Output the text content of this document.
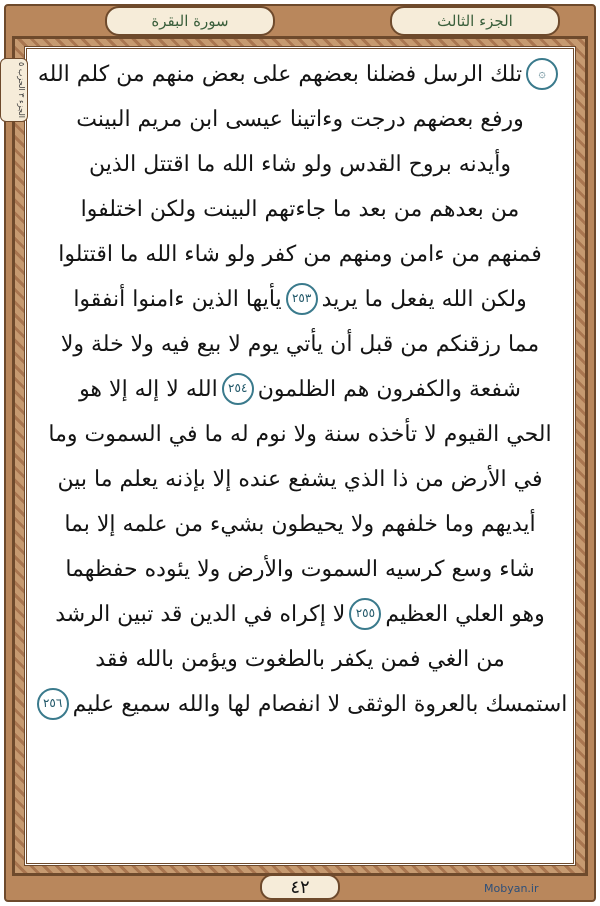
سورة البقرة	الجزء الثالث
الجزء ٣ الحزب ٥
۞
تلك الرسل فضلنا بعضهم على بعض منهم من كلم الله
ورفع بعضهم درجت وءاتينا عيسى ابن مريم البينت
وأيدنه بروح القدس ولو شاء الله ما اقتتل الذين
من بعدهم من بعد ما جاءتهم البينت ولكن اختلفوا
فمنهم من ءامن ومنهم من كفر ولو شاء الله ما اقتتلوا
ولكن الله يفعل ما يريد
٢٥٣
يأيها الذين ءامنوا أنفقوا
مما رزقنكم من قبل أن يأتي يوم لا بيع فيه ولا خلة ولا
شفعة والكفرون هم الظلمون
٢٥٤
الله لا إله إلا هو
الحي القيوم لا تأخذه سنة ولا نوم له ما في السموت وما
في الأرض من ذا الذي يشفع عنده إلا بإذنه يعلم ما بين
أيديهم وما خلفهم ولا يحيطون بشيء من علمه إلا بما
شاء وسع كرسيه السموت والأرض ولا يئوده حفظهما
وهو العلي العظيم
٢٥٥
لا إكراه في الدين قد تبين الرشد
من الغي فمن يكفر بالطغوت ويؤمن بالله فقد
استمسك بالعروة الوثقى لا انفصام لها والله سميع عليم
٢٥٦
٤٢	Mobyan.ir
